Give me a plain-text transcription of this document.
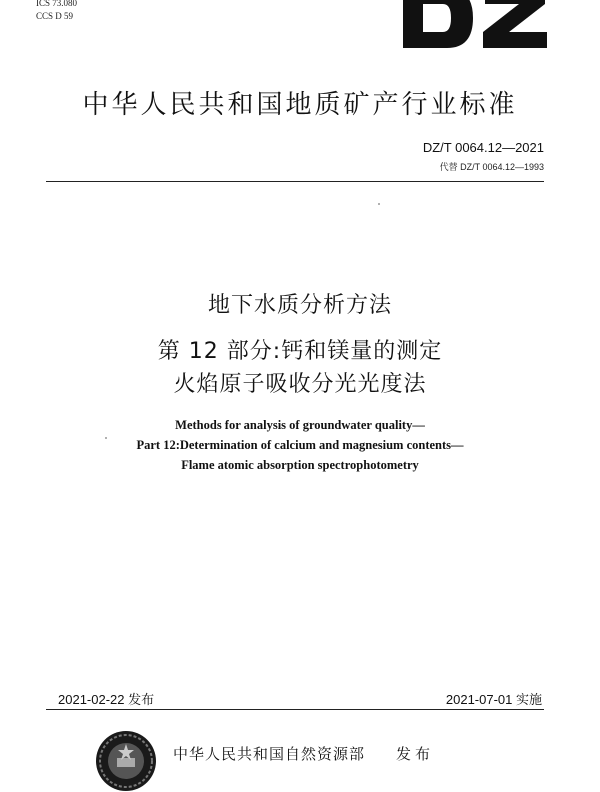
ICS 73.080
CCS D 59
中华人民共和国地质矿产行业标准
DZ/T 0064.12—2021
代替 DZ/T 0064.12—1993
地下水质分析方法
第 12 部分:钙和镁量的测定
火焰原子吸收分光光度法
Methods for analysis of groundwater quality—
Part 12:Determination of calcium and magnesium contents—
Flame atomic absorption spectrophotometry
2021-02-22 发布	2021-07-01 实施
中华人民共和国自然资源部 发布
